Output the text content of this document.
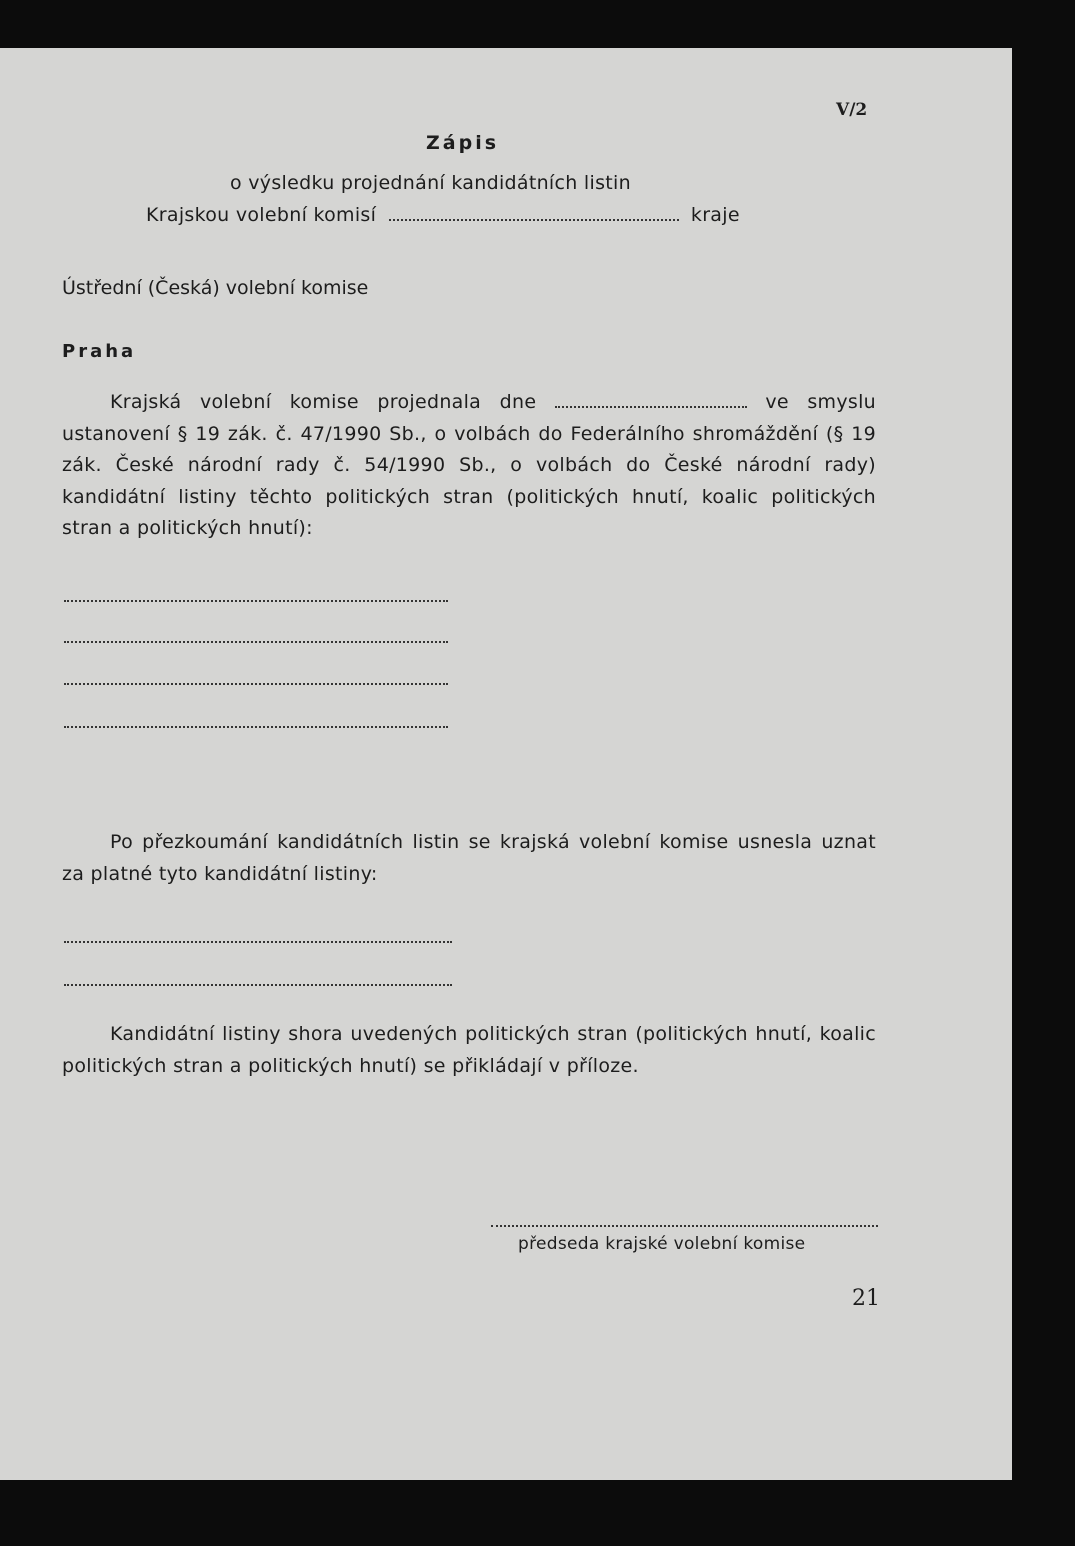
V/2
Zápis
o výsledku projednání kandidátních listin
Krajskou volební komisí	kraje
Ústřední (Česká) volební komise
Praha
Krajská volební komise projednala dne	ve smyslu
ustanovení § 19 zák. č. 47/1990 Sb., o volbách do Federálního shromáždění (§ 19 zák. České národní rady č. 54/1990 Sb., o volbách do České národní rady) kandidátní listiny těchto politických stran (politických hnutí, koalic politických stran a politických hnutí):
Po přezkoumání kandidátních listin se krajská volební komise usnesla uznat za platné tyto kandidátní listiny:
Kandidátní listiny shora uvedených politických stran (politických hnutí, koalic politických stran a politických hnutí) se přikládají v příloze.
předseda krajské volební komise
21
